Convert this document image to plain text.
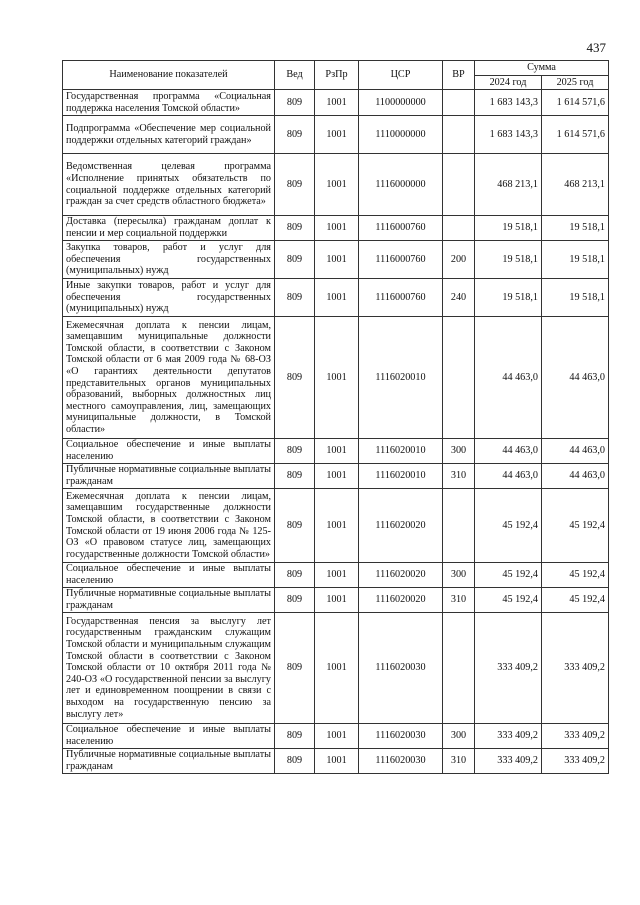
437
Наименование показателей	Вед	РзПр	ЦСР	ВР	Сумма	
					2024 год	2025 год
Государственная программа «Социальная поддержка населения Томской области»	809	1001	1100000000		1 683 143,3	1 614 571,6
Подпрограмма «Обеспечение мер социальной поддержки отдельных категорий граждан»	809	1001	1110000000		1 683 143,3	1 614 571,6
Ведомственная целевая программа «Исполнение принятых обязательств по социальной поддержке отдельных категорий граждан за счет средств областного бюджета»	809	1001	1116000000		468 213,1	468 213,1
Доставка (пересылка) гражданам доплат к пенсии и мер социальной поддержки	809	1001	1116000760		19 518,1	19 518,1
Закупка товаров, работ и услуг для обеспечения государственных (муниципальных) нужд	809	1001	1116000760	200	19 518,1	19 518,1
Иные закупки товаров, работ и услуг для обеспечения государственных (муниципальных) нужд	809	1001	1116000760	240	19 518,1	19 518,1
Ежемесячная доплата к пенсии лицам, замещавшим муниципальные должности Томской области, в соответствии с Законом Томской области от 6 мая 2009 года № 68-ОЗ «О гарантиях деятельности депутатов представительных органов муниципальных образований, выборных должностных лиц местного самоуправления, лиц, замещающих муниципальные должности, в Томской области»	809	1001	1116020010		44 463,0	44 463,0
Социальное обеспечение и иные выплаты населению	809	1001	1116020010	300	44 463,0	44 463,0
Публичные нормативные социальные выплаты гражданам	809	1001	1116020010	310	44 463,0	44 463,0
Ежемесячная доплата к пенсии лицам, замещавшим государственные должности Томской области, в соответствии с Законом Томской области от 19 июня 2006 года № 125-ОЗ «О правовом статусе лиц, замещающих государственные должности Томской области»	809	1001	1116020020		45 192,4	45 192,4
Социальное обеспечение и иные выплаты населению	809	1001	1116020020	300	45 192,4	45 192,4
Публичные нормативные социальные выплаты гражданам	809	1001	1116020020	310	45 192,4	45 192,4
Государственная пенсия за выслугу лет государственным гражданским служащим Томской области и муниципальным служащим Томской области в соответствии с Законом Томской области от 10 октября 2011 года № 240-ОЗ «О государственной пенсии за выслугу лет и единовременном поощрении в связи с выходом на государственную пенсию за выслугу лет»	809	1001	1116020030		333 409,2	333 409,2
Социальное обеспечение и иные выплаты населению	809	1001	1116020030	300	333 409,2	333 409,2
Публичные нормативные социальные выплаты гражданам	809	1001	1116020030	310	333 409,2	333 409,2
